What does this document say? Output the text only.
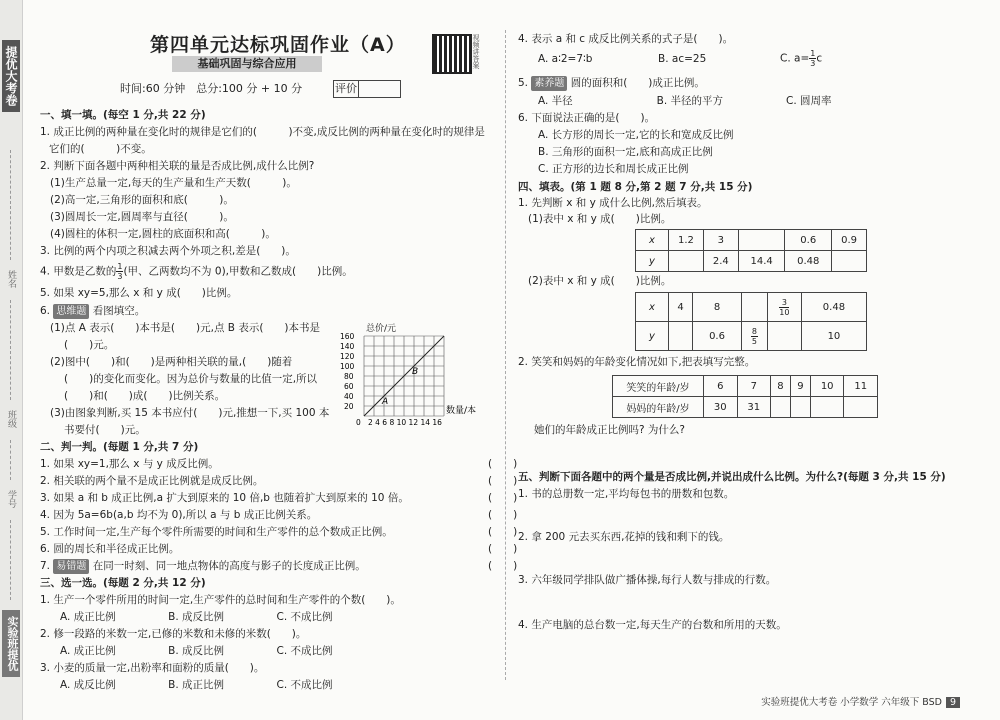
提优大考卷
姓名
班级
学号
实验班提优
第四单元达标巩固作业（A）	视频讲答案
基础巩固与综合应用
时间:60 分钟　总分:100 分 + 10 分	评价
一、填一填。(每空 1 分,共 22 分)
1. 成正比例的两种量在变化时的规律是它们的(　　　)不变,成反比例的两种量在变化时的规律是
它们的(　　　)不变。
2. 判断下面各题中两种相关联的量是否成比例,成什么比例?
(1)生产总量一定,每天的生产量和生产天数(　　　)。
(2)高一定,三角形的面积和底(　　　)。
(3)圆周长一定,圆周率与直径(　　　)。
(4)圆柱的体积一定,圆柱的底面积和高(　　　)。
3. 比例的两个内项之积减去两个外项之积,差是(　　)。
4. 甲数是乙数的 $\frac{1}{3}$ (甲、乙两数均不为 0),甲数和乙数成(　　)比例。
5. 如果 xy=5,那么 x 和 y 成(　　)比例。
6. 思维题 看图填空。
(1)点 A 表示(　　)本书是(　　)元,点 B 表示(　　)本书是
(　　)元。
(2)图中(　　)和(　　)是两种相关联的量,(　　)随着
(　　)的变化而变化。因为总价与数量的比值一定,所以
(　　)和(　　)成(　　)比例关系。
(3)由图象判断,买 15 本书应付(　　)元,推想一下,买 100 本
书要付(　　)元。
二、判一判。(每题 1 分,共 7 分)
1. 如果 xy=1,那么 x 与 y 成反比例。	(　　)
2. 相关联的两个量不是成正比例就是成反比例。	(　　)
3. 如果 a 和 b 成正比例,a 扩大到原来的 10 倍,b 也随着扩大到原来的 10 倍。	(　　)
4. 因为 5a=6b(a,b 均不为 0),所以 a 与 b 成正比例关系。	(　　)
5. 工作时间一定,生产每个零件所需要的时间和生产零件的总个数成正比例。	(　　)
6. 圆的周长和半径成正比例。	(　　)
7. 易错题 在同一时刻、同一地点物体的高度与影子的长度成正比例。	(　　)
三、选一选。(每题 2 分,共 12 分)
1. 生产一个零件所用的时间一定,生产零件的总时间和生产零件的个数(　　)。
A. 成正比例　　　　　B. 成反比例　　　　　C. 不成比例
2. 修一段路的米数一定,已修的米数和未修的米数(　　)。
A. 成正比例　　　　　B. 成反比例　　　　　C. 不成比例
3. 小麦的质量一定,出粉率和面粉的质量(　　)。
A. 成反比例　　　　　B. 成正比例　　　　　C. 不成比例
总价/元
160
140
120
100
80
60
40
20
0 2 4 6 8 10 12 14 16
数量/本
A
B
4. 表示 a 和 c 成反比例关系的式子是(　　)。
A. a∶2=7∶b	B. ac=25	C. $a= \frac{1}{3}$ c
5. 素养题 圆的面积和(　　)成正比例。
A. 半径　　　　　　　　B. 半径的平方　　　　　　C. 圆周率
6. 下面说法正确的是(　　)。
A. 长方形的周长一定,它的长和宽成反比例
B. 三角形的面积一定,底和高成正比例
C. 正方形的边长和周长成正比例
四、填表。(第 1 题 8 分,第 2 题 7 分,共 15 分)
1. 先判断 x 和 y 成什么比例,然后填表。
(1)表中 x 和 y 成(　　)比例。
(2)表中 x 和 y 成(　　)比例。
2. 笑笑和妈妈的年龄变化情况如下,把表填写完整。
她们的年龄成正比例吗? 为什么?
五、判断下面各题中的两个量是否成比例,并说出成什么比例。为什么?(每题 3 分,共 15 分)
1. 书的总册数一定,平均每包书的册数和包数。
2. 拿 200 元去买东西,花掉的钱和剩下的钱。
3. 六年级同学排队做广播体操,每行人数与排成的行数。
4. 生产电脑的总台数一定,每天生产的台数和所用的天数。
x	1.2	3		0.6	0.9
y		2.4	14.4	0.48	
x	4	8		$\frac{3}{10}$	0.48
y		0.6	$\frac{8}{5}$		10
笑笑的年龄/岁	6	7	8	9	10	11
妈妈的年龄/岁	30	31				
实验班提优大考卷 小学数学 六年级下 BSD 9
